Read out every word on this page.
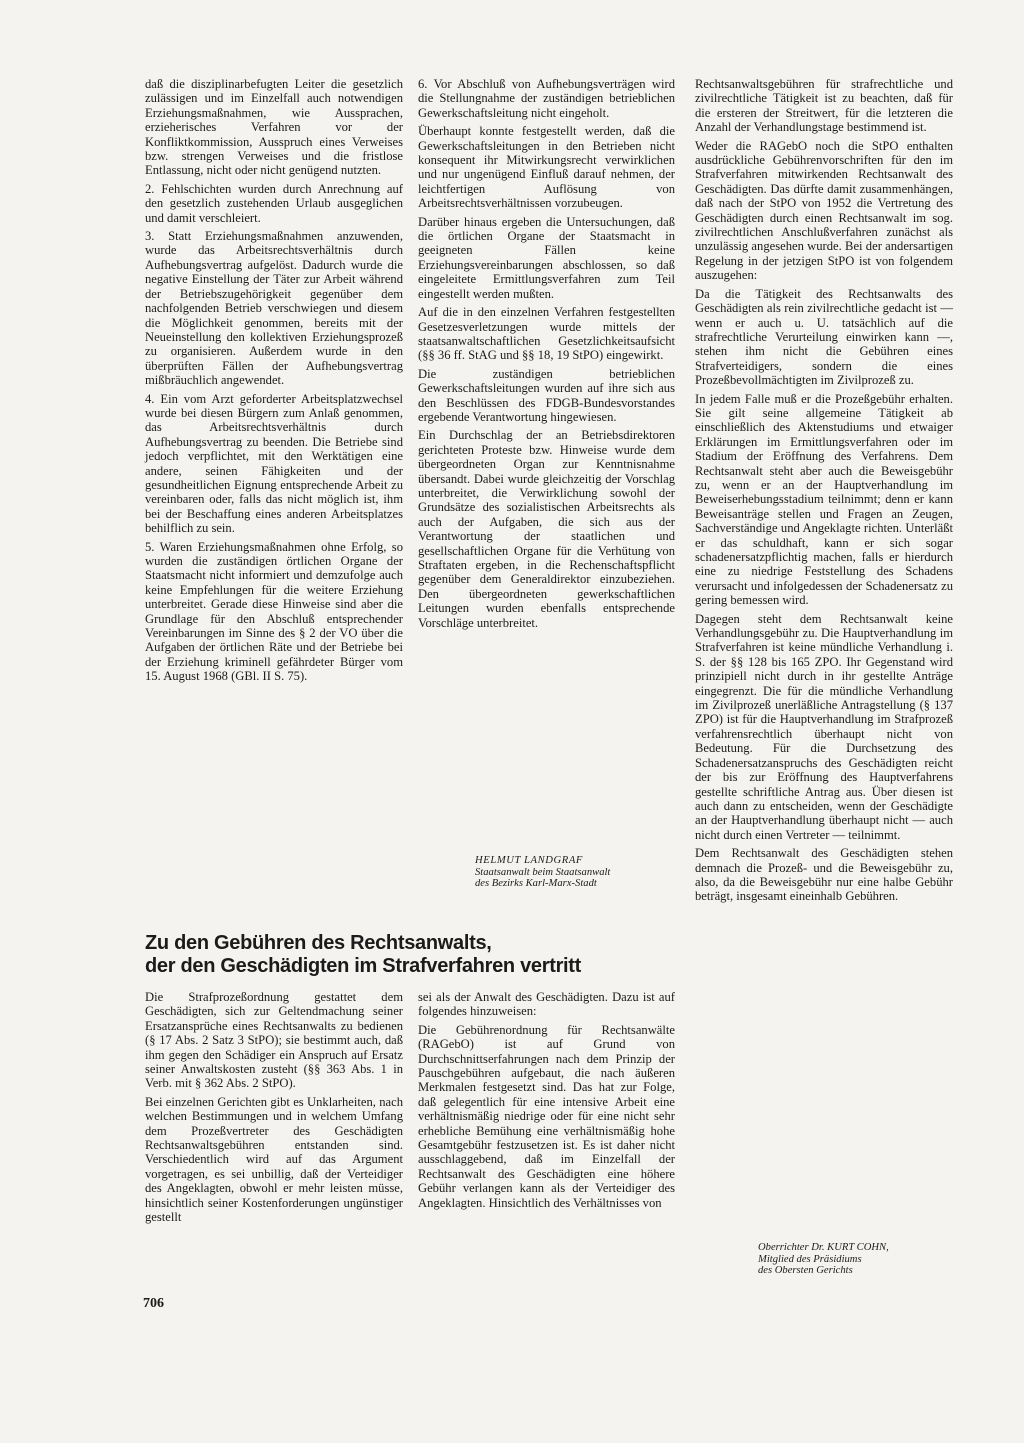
daß die disziplinarbefugten Leiter die gesetzlich zulässigen und im Einzelfall auch notwendigen Erziehungsmaßnahmen, wie Aussprachen, erzieherisches Verfahren vor der Konfliktkommission, Ausspruch eines Verweises bzw. strengen Verweises und die fristlose Entlassung, nicht oder nicht genügend nutzten.

2. Fehlschichten wurden durch Anrechnung auf den gesetzlich zustehenden Urlaub ausgeglichen und damit verschleiert.

3. Statt Erziehungsmaßnahmen anzuwenden, wurde das Arbeitsrechtsverhältnis durch Aufhebungsvertrag aufgelöst. Dadurch wurde die negative Einstellung der Täter zur Arbeit während der Betriebszugehörigkeit gegenüber dem nachfolgenden Betrieb verschwiegen und diesem die Möglichkeit genommen, bereits mit der Neueinstellung den kollektiven Erziehungsprozeß zu organisieren. Außerdem wurde in den überprüften Fällen der Aufhebungsvertrag mißbräuchlich angewendet.

4. Ein vom Arzt geforderter Arbeitsplatzwechsel wurde bei diesen Bürgern zum Anlaß genommen, das Arbeitsrechtsverhältnis durch Aufhebungsvertrag zu beenden. Die Betriebe sind jedoch verpflichtet, mit den Werktätigen eine andere, seinen Fähigkeiten und der gesundheitlichen Eignung entsprechende Arbeit zu vereinbaren oder, falls das nicht möglich ist, ihm bei der Beschaffung eines anderen Arbeitsplatzes behilflich zu sein.

5. Waren Erziehungsmaßnahmen ohne Erfolg, so wurden die zuständigen örtlichen Organe der Staatsmacht nicht informiert und demzufolge auch keine Empfehlungen für die weitere Erziehung unterbreitet. Gerade diese Hinweise sind aber die Grundlage für den Abschluß entsprechender Vereinbarungen im Sinne des § 2 der VO über die Aufgaben der örtlichen Räte und der Betriebe bei der Erziehung kriminell gefährdeter Bürger vom 15. August 1968 (GBl. II S. 75).

6. Vor Abschluß von Aufhebungsverträgen wird die Stellungnahme der zuständigen betrieblichen Gewerkschaftsleitung nicht eingeholt.

Überhaupt konnte festgestellt werden, daß die Gewerkschaftsleitungen in den Betrieben nicht konsequent ihr Mitwirkungsrecht verwirklichen und nur ungenügend Einfluß darauf nehmen, der leichtfertigen Auflösung von Arbeitsrechtsverhältnissen vorzubeugen.

Darüber hinaus ergeben die Untersuchungen, daß die örtlichen Organe der Staatsmacht in geeigneten Fällen keine Erziehungsvereinbarungen abschlossen, so daß eingeleitete Ermittlungsverfahren zum Teil eingestellt werden mußten.

Auf die in den einzelnen Verfahren festgestellten Gesetzesverletzungen wurde mittels der staatsanwaltschaftlichen Gesetzlichkeitsaufsicht (§§ 36 ff. StAG und §§ 18, 19 StPO) eingewirkt.

Die zuständigen betrieblichen Gewerkschaftsleitungen wurden auf ihre sich aus den Beschlüssen des FDGB-Bundesvorstandes ergebende Verantwortung hingewiesen.

Ein Durchschlag der an Betriebsdirektoren gerichteten Proteste bzw. Hinweise wurde dem übergeordneten Organ zur Kenntnisnahme übersandt. Dabei wurde gleichzeitig der Vorschlag unterbreitet, die Verwirklichung sowohl der Grundsätze des sozialistischen Arbeitsrechts als auch der Aufgaben, die sich aus der Verantwortung der staatlichen und gesellschaftlichen Organe für die Verhütung von Straftaten ergeben, in die Rechenschaftspflicht gegenüber dem Generaldirektor einzubeziehen. Den übergeordneten gewerkschaftlichen Leitungen wurden ebenfalls entsprechende Vorschläge unterbreitet.

HELMUT LANDGRAF
Staatsanwalt beim Staatsanwalt
des Bezirks Karl-Marx-Stadt

Rechtsanwaltsgebühren für strafrechtliche und zivilrechtliche Tätigkeit ist zu beachten, daß für die ersteren der Streitwert, für die letzteren die Anzahl der Verhandlungstage bestimmend ist.

Weder die RAGebO noch die StPO enthalten ausdrückliche Gebührenvorschriften für den im Strafverfahren mitwirkenden Rechtsanwalt des Geschädigten. Das dürfte damit zusammenhängen, daß nach der StPO von 1952 die Vertretung des Geschädigten durch einen Rechtsanwalt im sog. zivilrechtlichen Anschlußverfahren zunächst als unzulässig angesehen wurde. Bei der andersartigen Regelung in der jetzigen StPO ist von folgendem auszugehen:

Da die Tätigkeit des Rechtsanwalts des Geschädigten als rein zivilrechtliche gedacht ist — wenn er auch u. U. tatsächlich auf die strafrechtliche Verurteilung einwirken kann —, stehen ihm nicht die Gebühren eines Strafverteidigers, sondern die eines Prozeßbevollmächtigten im Zivilprozeß zu.

In jedem Falle muß er die Prozeßgebühr erhalten. Sie gilt seine allgemeine Tätigkeit ab einschließlich des Aktenstudiums und etwaiger Erklärungen im Ermittlungsverfahren oder im Stadium der Eröffnung des Verfahrens. Dem Rechtsanwalt steht aber auch die Beweisgebühr zu, wenn er an der Hauptverhandlung im Beweiserhebungsstadium teilnimmt; denn er kann Beweisanträge stellen und Fragen an Zeugen, Sachverständige und Angeklagte richten. Unterläßt er das schuldhaft, kann er sich sogar schadenersatzpflichtig machen, falls er hierdurch eine zu niedrige Feststellung des Schadens verursacht und infolgedessen der Schadenersatz zu gering bemessen wird.

Dagegen steht dem Rechtsanwalt keine Verhandlungsgebühr zu. Die Hauptverhandlung im Strafverfahren ist keine mündliche Verhandlung i. S. der §§ 128 bis 165 ZPO. Ihr Gegenstand wird prinzipiell nicht durch in ihr gestellte Anträge eingegrenzt. Die für die mündliche Verhandlung im Zivilprozeß unerläßliche Antragstellung (§ 137 ZPO) ist für die Hauptverhandlung im Strafprozeß verfahrensrechtlich überhaupt nicht von Bedeutung. Für die Durchsetzung des Schadenersatzanspruchs des Geschädigten reicht der bis zur Eröffnung des Hauptverfahrens gestellte schriftliche Antrag aus. Über diesen ist auch dann zu entscheiden, wenn der Geschädigte an der Hauptverhandlung überhaupt nicht — auch nicht durch einen Vertreter — teilnimmt.

Dem Rechtsanwalt des Geschädigten stehen demnach die Prozeß- und die Beweisgebühr zu, also, da die Beweisgebühr nur eine halbe Gebühr beträgt, insgesamt eineinhalb Gebühren.

Oberrichter Dr. KURT COHN,
Mitglied des Präsidiums
des Obersten Gerichts
Zu den Gebühren des Rechtsanwalts,
der den Geschädigten im Strafverfahren vertritt

Die Strafprozeßordnung gestattet dem Geschädigten, sich zur Geltendmachung seiner Ersatzansprüche eines Rechtsanwalts zu bedienen (§ 17 Abs. 2 Satz 3 StPO); sie bestimmt auch, daß ihm gegen den Schädiger ein Anspruch auf Ersatz seiner Anwaltskosten zusteht (§§ 363 Abs. 1 in Verb. mit § 362 Abs. 2 StPO).

Bei einzelnen Gerichten gibt es Unklarheiten, nach welchen Bestimmungen und in welchem Umfang dem Prozeßvertreter des Geschädigten Rechtsanwaltsgebühren entstanden sind. Verschiedentlich wird auf das Argument vorgetragen, es sei unbillig, daß der Verteidiger des Angeklagten, obwohl er mehr leisten müsse, hinsichtlich seiner Kostenforderungen ungünstiger gestellt

sei als der Anwalt des Geschädigten. Dazu ist auf folgendes hinzuweisen:

Die Gebührenordnung für Rechtsanwälte (RAGebO) ist auf Grund von Durchschnittserfahrungen nach dem Prinzip der Pauschgebühren aufgebaut, die nach äußeren Merkmalen festgesetzt sind. Das hat zur Folge, daß gelegentlich für eine intensive Arbeit eine verhältnismäßig niedrige oder für eine nicht sehr erhebliche Bemühung eine verhältnismäßig hohe Gesamtgebühr festzusetzen ist. Es ist daher nicht ausschlaggebend, daß im Einzelfall der Rechtsanwalt des Geschädigten eine höhere Gebühr verlangen kann als der Verteidiger des Angeklagten. Hinsichtlich des Verhältnisses von

706
